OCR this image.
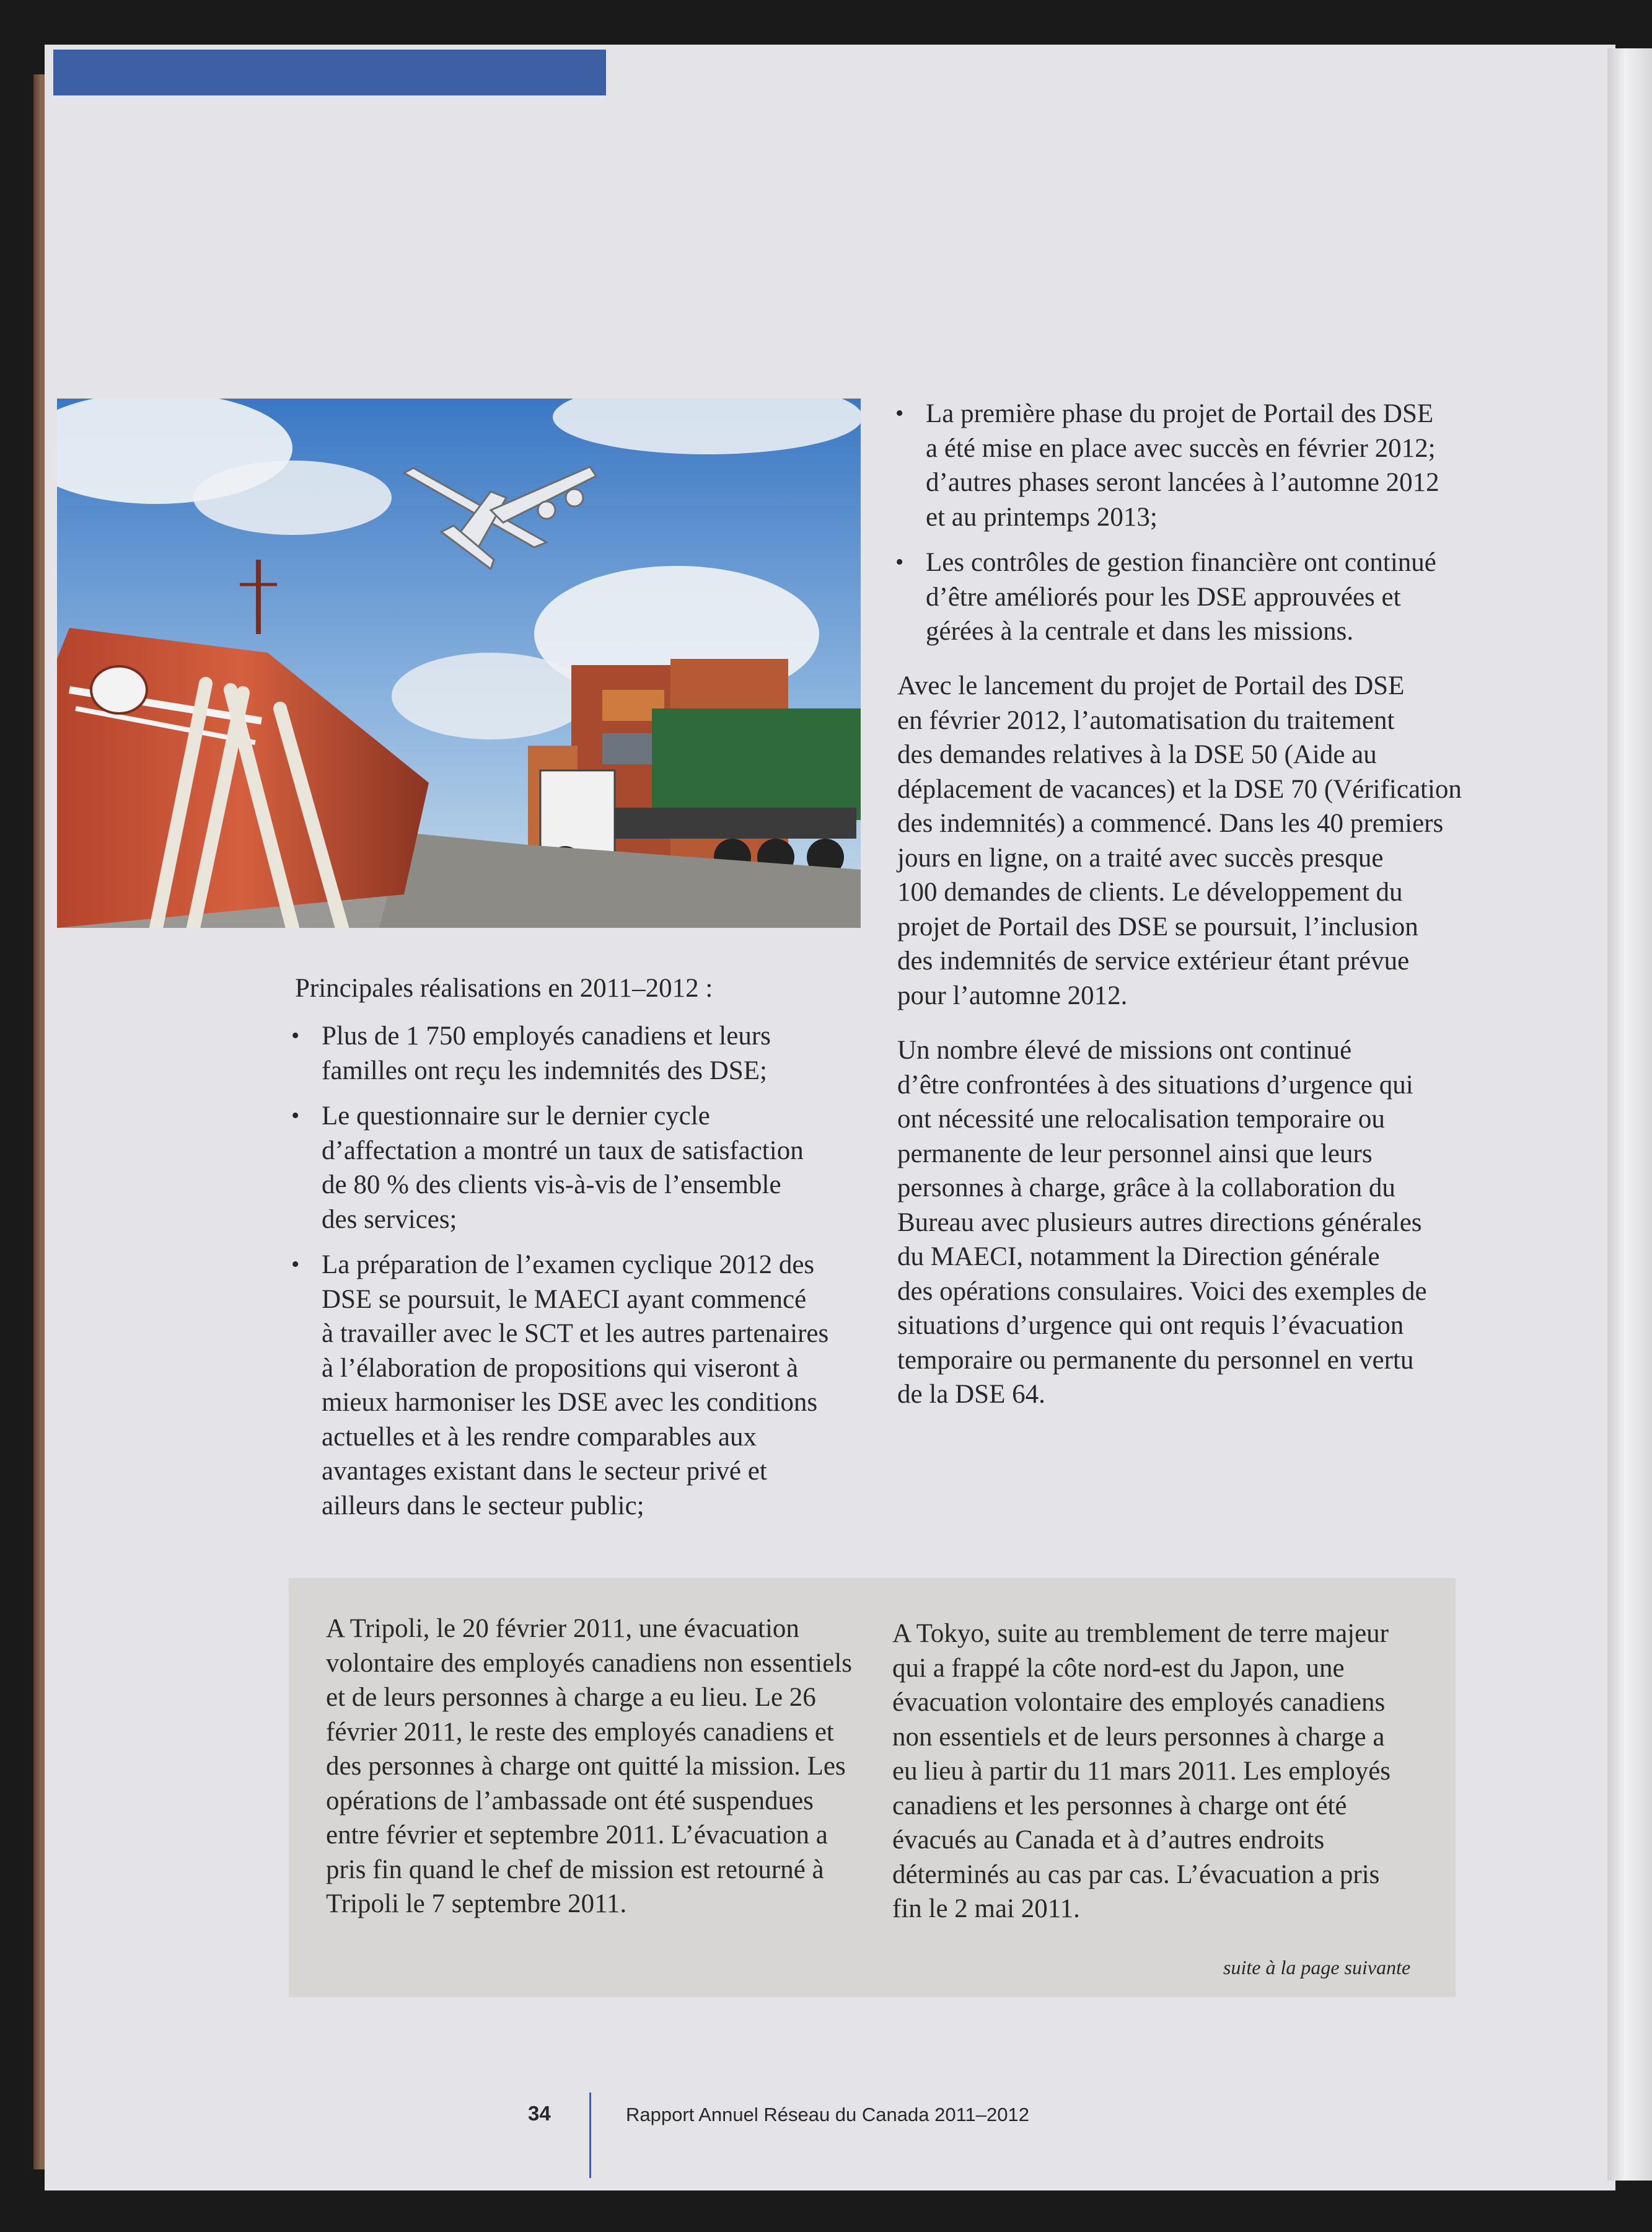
Principales réalisations en 2011–2012 :
• Plus de 1 750 employés canadiens et leurs
familles ont reçu les indemnités des DSE;
• Le questionnaire sur le dernier cycle
d’affectation a montré un taux de satisfaction
de 80 % des clients vis-à-vis de l’ensemble
des services;
• La préparation de l’examen cyclique 2012 des
DSE se poursuit, le MAECI ayant commencé
à travailler avec le SCT et les autres partenaires
à l’élaboration de propositions qui viseront à
mieux harmoniser les DSE avec les conditions
actuelles et à les rendre comparables aux
avantages existant dans le secteur privé et
ailleurs dans le secteur public;
• La première phase du projet de Portail des DSE
a été mise en place avec succès en février 2012;
d’autres phases seront lancées à l’automne 2012
et au printemps 2013;
• Les contrôles de gestion financière ont continué
d’être améliorés pour les DSE approuvées et
gérées à la centrale et dans les missions.
Avec le lancement du projet de Portail des DSE
en février 2012, l’automatisation du traitement
des demandes relatives à la DSE 50 (Aide au
déplacement de vacances) et la DSE 70 (Vérification
des indemnités) a commencé. Dans les 40 premiers
jours en ligne, on a traité avec succès presque
100 demandes de clients. Le développement du
projet de Portail des DSE se poursuit, l’inclusion
des indemnités de service extérieur étant prévue
pour l’automne 2012.
Un nombre élevé de missions ont continué
d’être confrontées à des situations d’urgence qui
ont nécessité une relocalisation temporaire ou
permanente de leur personnel ainsi que leurs
personnes à charge, grâce à la collaboration du
Bureau avec plusieurs autres directions générales
du MAECI, notamment la Direction générale
des opérations consulaires. Voici des exemples de
situations d’urgence qui ont requis l’évacuation
temporaire ou permanente du personnel en vertu
de la DSE 64.
A Tripoli, le 20 février 2011, une évacuation
volontaire des employés canadiens non essentiels
et de leurs personnes à charge a eu lieu. Le 26
février 2011, le reste des employés canadiens et
des personnes à charge ont quitté la mission. Les
opérations de l’ambassade ont été suspendues
entre février et septembre 2011. L’évacuation a
pris fin quand le chef de mission est retourné à
Tripoli le 7 septembre 2011.
A Tokyo, suite au tremblement de terre majeur
qui a frappé la côte nord-est du Japon, une
évacuation volontaire des employés canadiens
non essentiels et de leurs personnes à charge a
eu lieu à partir du 11 mars 2011. Les employés
canadiens et les personnes à charge ont été
évacués au Canada et à d’autres endroits
déterminés au cas par cas. L’évacuation a pris
fin le 2 mai 2011.
suite à la page suivante
34	Rapport Annuel Réseau du Canada 2011–2012
